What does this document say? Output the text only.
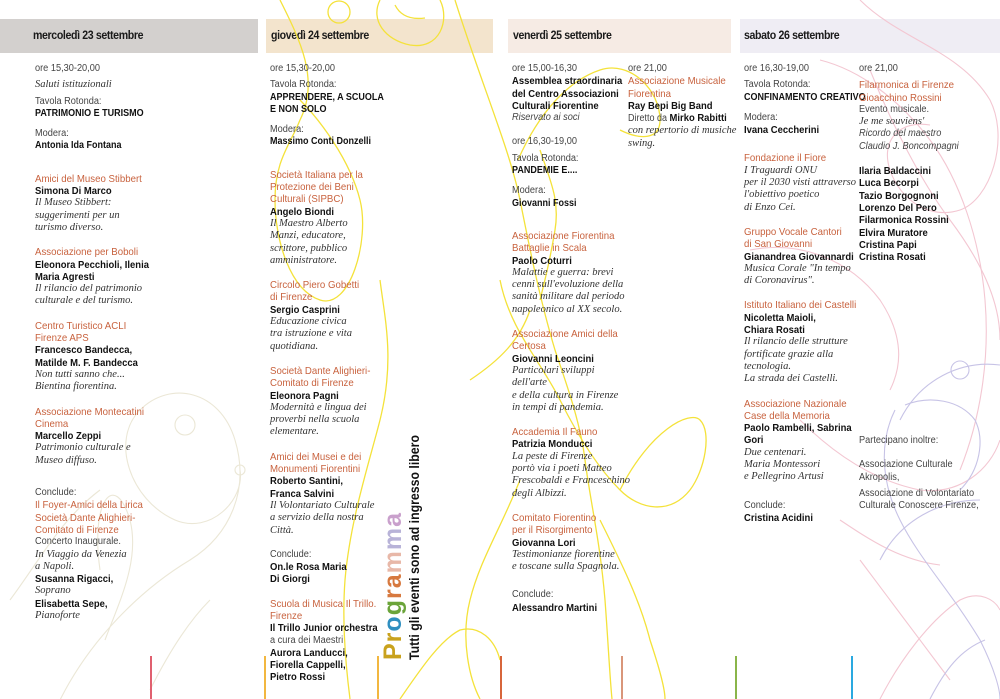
mercoledì 23 settembre	giovedì 24 settembre	venerdì 25 settembre	sabato 26 settembre
ore 15,30-20,00
Saluti istituzionali
Tavola Rotonda:
PATRIMONIO E TURISMO
Modera:
Antonia Ida Fontana
Amici del Museo Stibbert
Simona Di Marco
Il Museo Stibbert:
suggerimenti per un
turismo diverso.
Associazione per Boboli
Eleonora Pecchioli, Ilenia
Maria Agresti
Il rilancio del patrimonio
culturale e del turismo.
Centro Turistico ACLI
Firenze APS
Francesco Bandecca,
Matilde M. F. Bandecca
Non tutti sanno che...
Bientina fiorentina.
Associazione Montecatini
Cinema
Marcello Zeppi
Patrimonio culturale e
Museo diffuso.
Conclude:
Il Foyer-Amici della Lirica
Società Dante Alighieri-
Comitato di Firenze
Concerto Inaugurale.
In Viaggio da Venezia
a Napoli.
Susanna Rigacci,
Soprano
Elisabetta Sepe,
Pianoforte
ore 15,30-20,00
Tavola Rotonda:
APPRENDERE, A SCUOLA
E NON SOLO
Modera:
Massimo Conti Donzelli
Società Italiana per la
Protezione dei Beni
Culturali (SIPBC)
Angelo Biondi
Il Maestro Alberto
Manzi, educatore,
scrittore, pubblico
amministratore.
Circolo Piero Gobetti
di Firenze
Sergio Casprini
Educazione civica
tra istruzione e vita
quotidiana.
Società Dante Alighieri-
Comitato di Firenze
Eleonora Pagni
Modernità e lingua dei
proverbi nella scuola
elementare.
Amici dei Musei e dei
Monumenti Fiorentini
Roberto Santini,
Franca Salvini
Il Volontariato Culturale
a servizio della nostra
Città.
Conclude:
On.le Rosa Maria
Di Giorgi
Scuola di Musica Il Trillo.
Firenze
Il Trillo Junior orchestra
a cura dei Maestri
Aurora Landucci,
Fiorella Cappelli,
Pietro Rossi
ore 15,00-16,30
Assemblea straordinaria
del Centro Associazioni
Culturali Fiorentine
Riservato ai soci
ore 16,30-19,00
Tavola Rotonda:
PANDEMIE E....
Modera:
Giovanni Fossi
Associazione Fiorentina
Battaglie in Scala
Paolo Coturri
Malattie e guerra: brevi
cenni sull'evoluzione della
sanità militare dal periodo
napoleonico al XX secolo.
Associazione Amici della
Certosa
Giovanni Leoncini
Particolari sviluppi
dell'arte
e della cultura in Firenze
in tempi di pandemia.
Accademia Il Fauno
Patrizia Monducci
La peste di Firenze
portò via i poeti Matteo
Frescobaldi e Franceschino
degli Albizzi.
Comitato Fiorentino
per il Risorgimento
Giovanna Lori
Testimonianze fiorentine
e toscane sulla Spagnola.
Conclude:
Alessandro Martini
ore 21,00
Associazione Musicale
Fiorentina
Ray Bepi Big Band
Diretto da Mirko Rabitti
con repertorio di musiche
swing.
ore 16,30-19,00
Tavola Rotonda:
CONFINAMENTO CREATIVO
Modera:
Ivana Ceccherini
Fondazione il Fiore
I Traguardi ONU
per il 2030 visti attraverso
l'obiettivo poetico
di Enzo Cei.
Gruppo Vocale Cantori
di San Giovanni
Gianandrea Giovannardi
Musica Corale "In tempo
di Coronavirus".
Istituto Italiano dei Castelli
Nicoletta Maioli,
Chiara Rosati
Il rilancio delle strutture
fortificate grazie alla
tecnologia.
La strada dei Castelli.
Associazione Nazionale
Case della Memoria
Paolo Rambelli, Sabrina
Gori
Due centenari.
Maria Montessori
e Pellegrino Artusi
Conclude:
Cristina Acidini
ore 21,00
Filarmonica di Firenze
Gioacchino Rossini
Evento musicale.
Je me souviens'
Ricordo del maestro
Claudio J. Boncompagni
Ilaria Baldaccini
Luca Becorpi
Tazio Borgognoni
Lorenzo Del Pero
Filarmonica Rossini
Elvira Muratore
Cristina Papi
Cristina Rosati
Partecipano inoltre:
Associazione Culturale
Akropolis,
Associazione di Volontariato
Culturale Conoscere Firenze,
Programma Tutti gli eventi sono ad ingresso libero
